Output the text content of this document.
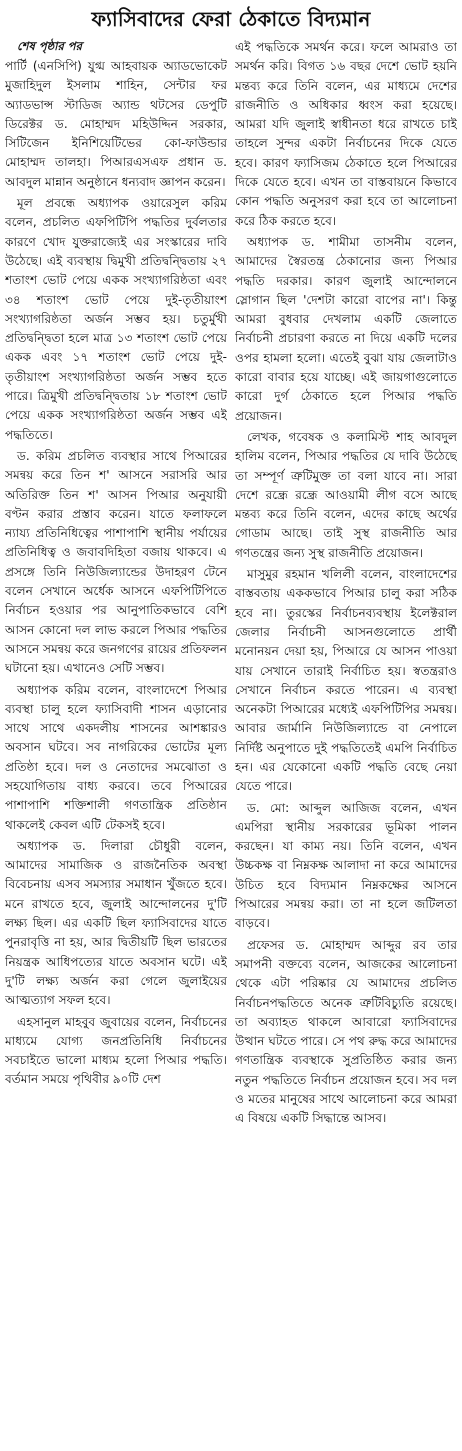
ফ্যাসিবাদের ফেরা ঠেকাতে বিদ্যমান
শেষ পৃষ্ঠার পর

পার্টি (এনসিপি) যুগ্ম আহবায়ক অ্যাডভোকেট মুজাহিদুল ইসলাম শাহিন, সেন্টার ফর অ্যাডভান্স স্টাডিজ অ্যান্ড থটসের ডেপুটি ডিরেক্টর ড. মোহাম্মদ মহিউদ্দিন সরকার, সিটিজেন ইনিশিয়েটিভের কো-ফাউন্ডার মোহাম্মদ তালহা। পিআরএসএফ প্রধান ড. আবদুল মান্নান অনুষ্ঠানে ধন্যবাদ জ্ঞাপন করেন।

মূল প্রবন্ধে অধ্যাপক ওয়ারেসুল করিম বলেন, প্রচলিত এফপিটিপি পদ্ধতির দুর্বলতার কারণে খোদ যুক্তরাজ্যেই এর সংস্কারের দাবি উঠেছে। এই ব্যবস্থায় দ্বিমুখী প্রতিদ্বন্দ্বিতায় ২৭ শতাংশ ভোট পেয়ে একক সংখ্যাগরিষ্ঠতা এবং ৩৪ শতাংশ ভোট পেয়ে দুই-তৃতীয়াংশ সংখ্যাগরিষ্ঠতা অর্জন সম্ভব হয়। চতুর্মুখী প্রতিদ্বন্দ্বিতা হলে মাত্র ১৩ শতাংশ ভোট পেয়ে একক এবং ১৭ শতাংশ ভোট পেয়ে দুই- তৃতীয়াংশ সংখ্যাগরিষ্ঠতা অর্জন সম্ভব হতে পারে। ত্রিমুখী প্রতিদ্বন্দ্বিতায় ১৮ শতাংশ ভোট পেয়ে একক সংখ্যাগরিষ্ঠতা অর্জন সম্ভব এই পদ্ধতিতে।

ড. করিম প্রচলিত ব্যবস্থার সাথে পিআরের সমন্বয় করে তিন শ' আসনে সরাসরি আর অতিরিক্ত তিন শ' আসন পিআর অনুযায়ী বণ্টন করার প্রস্তাব করেন। যাতে ফলাফলে ন্যায্য প্রতিনিধিত্বের পাশাপাশি স্থানীয় পর্যায়ের প্রতিনিধিত্ব ও জবাবদিহিতা বজায় থাকবে। এ প্রসঙ্গে তিনি নিউজিল্যান্ডের উদাহরণ টেনে বলেন সেখানে অর্ধেক আসনে এফপিটিপিতে নির্বাচন হওয়ার পর আনুপাতিকভাবে বেশি আসন কোনো দল লাভ করলে পিআর পদ্ধতির আসনে সমন্বয় করে জনগণের রায়ের প্রতিফলন ঘটানো হয়। এখানেও সেটি সম্ভব।

অধ্যাপক করিম বলেন, বাংলাদেশে পিআর ব্যবস্থা চালু হলে ফ্যাসিবাদী শাসন এড়ানোর সাথে সাথে একদলীয় শাসনের আশঙ্কারও অবসান ঘটবে। সব নাগরিকের ভোটের মূল্য প্রতিষ্ঠা হবে। দল ও নেতাদের সমঝোতা ও সহযোগিতায় বাধ্য করবে। তবে পিআরের পাশাপাশি শক্তিশালী গণতান্ত্রিক প্রতিষ্ঠান থাকলেই কেবল এটি টেকসই হবে।

অধ্যাপক ড. দিলারা চৌধুরী বলেন, আমাদের সামাজিক ও রাজনৈতিক অবস্থা বিবেচনায় এসব সমস্যার সমাধান খুঁজতে হবে। মনে রাখতে হবে, জুলাই আন্দোলনের দু'টি লক্ষ্য ছিল। এর একটি ছিল ফ্যাসিবাদের যাতে পুনরাবৃত্তি না হয়, আর দ্বিতীয়টি ছিল ভারতের নিয়ন্ত্রক আধিপত্যের যাতে অবসান ঘটে। এই দু'টি লক্ষ্য অর্জন করা গেলে জুলাইয়ের আত্মত্যাগ সফল হবে।

এহসানুল মাহবুব জুবায়ের বলেন, নির্বাচনের মাধ্যমে যোগ্য জনপ্রতিনিধি নির্বাচনের সবচাইতে ভালো মাধ্যম হলো পিআর পদ্ধতি। বর্তমান সময়ে পৃথিবীর ৯০টি দেশ

এই পদ্ধতিকে সমর্থন করে। ফলে আমরাও তা সমর্থন করি। বিগত ১৬ বছর দেশে ভোট হয়নি মন্তব্য করে তিনি বলেন, এর মাধ্যমে দেশের রাজনীতি ও অধিকার ধ্বংস করা হয়েছে। আমরা যদি জুলাই স্বাধীনতা ধরে রাখতে চাই তাহলে সুন্দর একটা নির্বাচনের দিকে যেতে হবে। কারণ ফ্যাসিজম ঠেকাতে হলে পিআরের দিকে যেতে হবে। এখন তা বাস্তবায়নে কিভাবে কোন পদ্ধতি অনুসরণ করা হবে তা আলোচনা করে ঠিক করতে হবে।

অধ্যাপক ড. শামীমা তাসনীম বলেন, আমাদের স্বৈরতন্ত্র ঠেকানোর জন্য পিআর পদ্ধতি দরকার। কারণ জুলাই আন্দোলনে স্লোগান ছিল 'দেশটা কারো বাপের না'। কিন্তু আমরা বুধবার দেখলাম একটি জেলাতে নির্বাচনী প্রচারণা করতে না দিয়ে একটি দলের ওপর হামলা হলো। এতেই বুঝা যায় জেলাটাও কারো বাবার হয়ে যাচ্ছে। এই জায়গাগুলোতে কারো দুর্গ ঠেকাতে হলে পিআর পদ্ধতি প্রয়োজন।

লেখক, গবেষক ও কলামিস্ট শাহ আবদুল হালিম বলেন, পিআর পদ্ধতির যে দাবি উঠেছে তা সম্পূর্ণ ত্রুটিমুক্ত তা বলা যাবে না। সারা দেশে রন্ধ্রে রন্ধ্রে আওয়ামী লীগ বসে আছে মন্তব্য করে তিনি বলেন, এদের কাছে অর্থের গোডাম আছে। তাই সুস্থ রাজনীতি আর গণতন্ত্রের জন্য সুস্থ রাজনীতি প্রয়োজন।

মাসুমুর রহমান খলিলী বলেন, বাংলাদেশের বাস্তবতায় এককভাবে পিআর চালু করা সঠিক হবে না। তুরস্কের নির্বাচনব্যবস্থায় ইলেক্টরাল জেলার নির্বাচনী আসনগুলোতে প্রার্থী মনোনয়ন দেয়া হয়, পিআরে যে আসন পাওয়া যায় সেখানে তারাই নির্বাচিত হয়। স্বতন্ত্ররাও সেখানে নির্বাচন করতে পারেন। এ ব্যবস্থা অনেকটা পিআরের মধ্যেই এফপিটিপির সমন্বয়। আবার জার্মানি নিউজিল্যান্ডে বা নেপালে নির্দিষ্ট অনুপাতে দুই পদ্ধতিতেই এমপি নির্বাচিত হন। এর যেকোনো একটি পদ্ধতি বেছে নেয়া যেতে পারে।

ড. মো: আব্দুল আজিজ বলেন, এখন এমপিরা স্থানীয় সরকারের ভূমিকা পালন করছেন। যা কাম্য নয়। তিনি বলেন, এখন উচ্চকক্ষ বা নিম্নকক্ষ আলাদা না করে আমাদের উচিত হবে বিদ্যমান নিম্নকক্ষের আসনে পিআরের সমন্বয় করা। তা না হলে জটিলতা বাড়বে।

প্রফেসর ড. মোহাম্মদ আব্দুর রব তার সমাপনী বক্তব্যে বলেন, আজকের আলোচনা থেকে এটা পরিষ্কার যে আমাদের প্রচলিত নির্বাচনপদ্ধতিতে অনেক ত্রুটিবিচ্যুতি রয়েছে। তা অব্যাহত থাকলে আবারো ফ্যাসিবাদের উত্থান ঘটতে পারে। সে পথ রুদ্ধ করে আমাদের গণতান্ত্রিক ব্যবস্থাকে সুপ্রতিষ্ঠিত করার জন্য নতুন পদ্ধতিতে নির্বাচন প্রয়োজন হবে। সব দল ও মতের মানুষের সাথে আলোচনা করে আমরা এ বিষয়ে একটি সিদ্ধান্তে আসব।
